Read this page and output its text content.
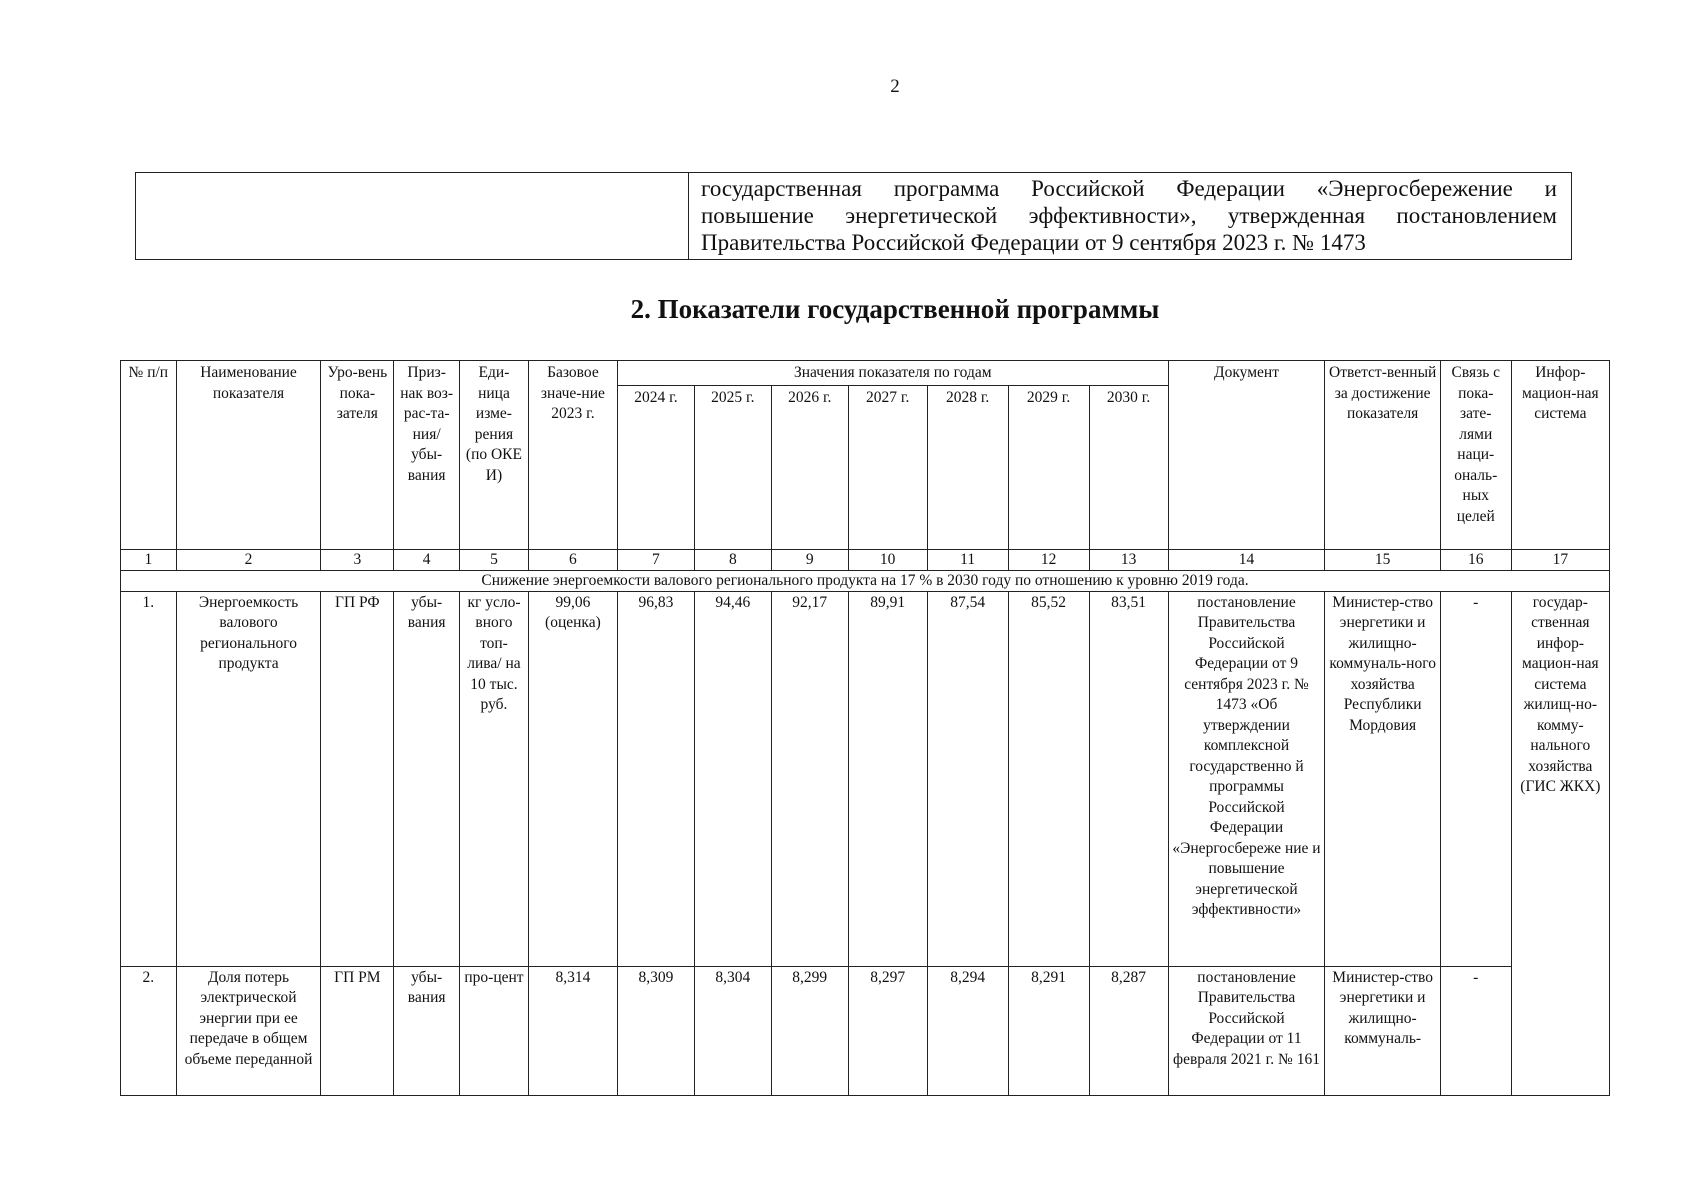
2
государственная программа Российской Федерации «Энергосбережение и
повышение энергетической эффективности», утвержденная постановлением
Правительства Российской Федерации от 9 сентября 2023 г. № 1473
2. Показатели государственной программы
№ п/п	Наименование показателя	Уро-вень пока-зателя	Приз-нак воз-рас-та-ния/ убы-вания	Еди-ница изме-рения (по ОКЕ И)	Базовое значе-ние 2023 г.	Значения показателя по годам							Документ	Ответст-венный за достижение показателя	Связь с пока-зате-лями наци-ональ-ных целей	Инфор-мацион-ная система
						2024 г.	2025 г.	2026 г.	2027 г.	2028 г.	2029 г.	2030 г.				
1	2	3	4	5	6	7	8	9	10	11	12	13	14	15	16	17
Снижение энергоемкости валового регионального продукта на 17 % в 2030 году по отношению к уровню 2019 года.																
1.	Энергоемкость валового регионального продукта	ГП РФ	убы-вания	кг услo-вного топ-лива/ на 10 тыс. руб.	99,06 (оценка)	96,83	94,46	92,17	89,91	87,54	85,52	83,51	постановление Правительства Российской Федерации от 9 сентября 2023 г. № 1473 «Об утверждении комплексной государственно й программы Российской Федерации «Энергосбереже ние и повышение энергетической эффективности»	Министер-ство энергетики и жилищно-коммуналь-ного хозяйства Республики Мордовия	-	государ-ственная инфор-мацион-ная система жилищ-но-комму-нального хозяйства (ГИС ЖКХ)
2.	Доля потерь электрической энергии при ее передаче в общем объеме переданной	ГП РМ	убы-вания	про-цент	8,314	8,309	8,304	8,299	8,297	8,294	8,291	8,287	постановление Правительства Российской Федерации от 11 февраля 2021 г. № 161	Министер-ство энергетики и жилищно-коммуналь-	-	
